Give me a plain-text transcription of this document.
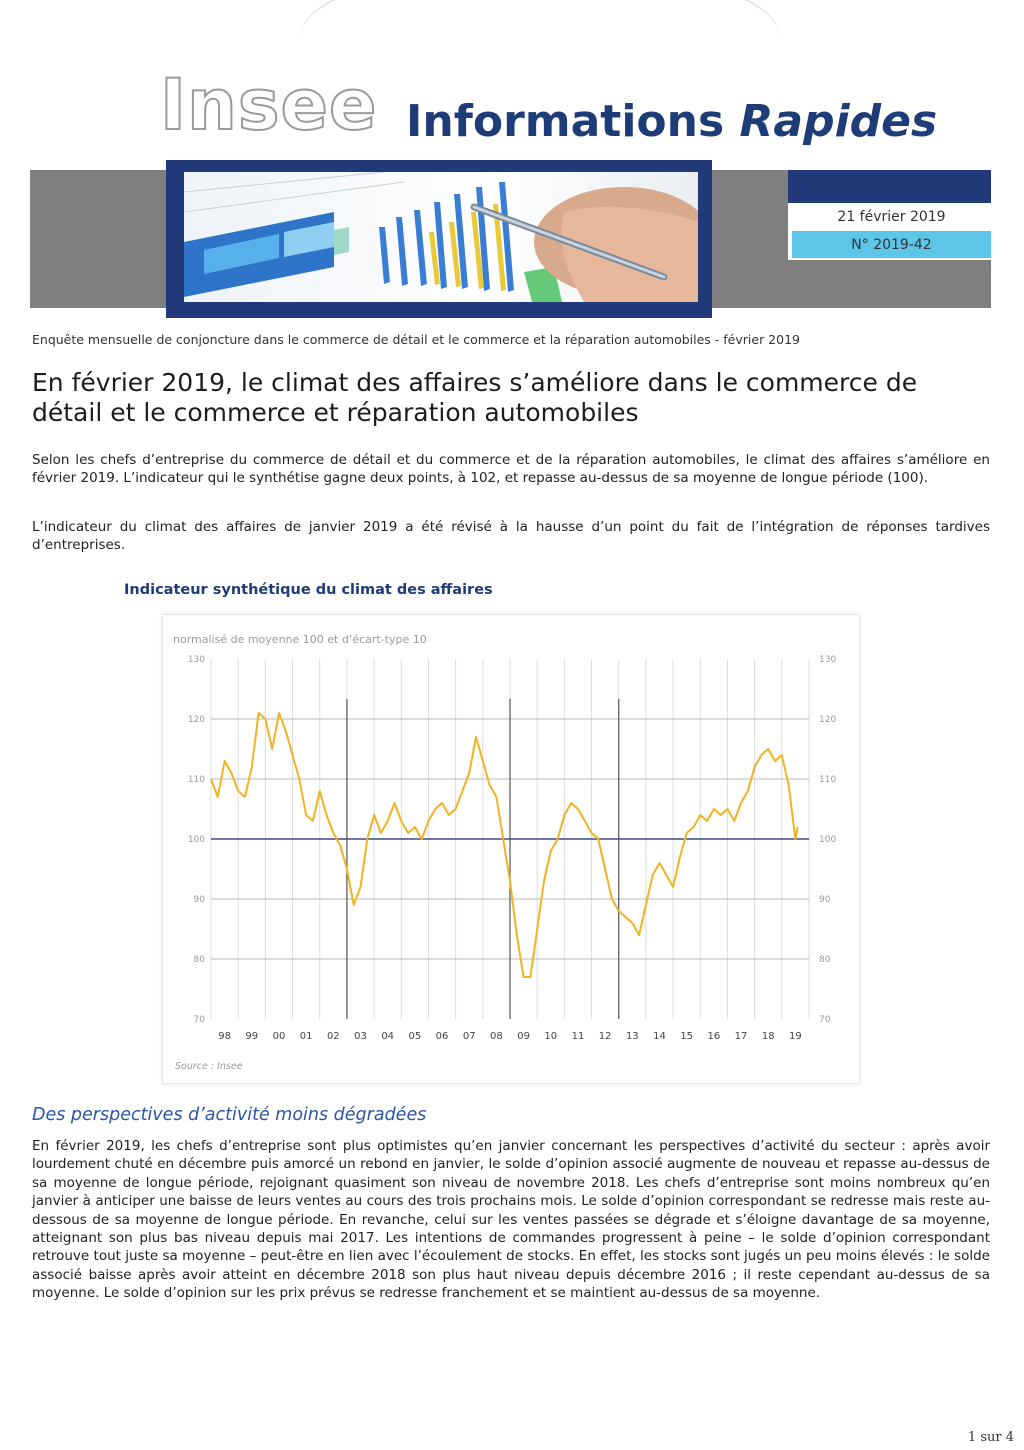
Insee Informations Rapides
21 février 2019
N° 2019-42
Enquête mensuelle de conjoncture dans le commerce de détail et le commerce et la réparation automobiles - février 2019
En février 2019, le climat des affaires s’améliore dans le commerce de détail et le commerce et réparation automobiles
Selon les chefs d’entreprise du commerce de détail et du commerce et de la réparation automobiles, le climat des affaires s’améliore en février 2019. L’indicateur qui le synthétise gagne deux points, à 102, et repasse au-dessus de sa moyenne de longue période (100).
L’indicateur du climat des affaires de janvier 2019 a été révisé à la hausse d’un point du fait de l’intégration de réponses tardives d’entreprises.
Indicateur synthétique du climat des affaires
70	70
80	80
90	90
110	110
120	120
130	130
100	100
98 99 00 01 02 03 04 05 06 07 08 09 10 11 12 13 14 15 16 17 18 19
normalisé de moyenne 100 et d’écart-type 10
Source : Insee
Des perspectives d’activité moins dégradées
En février 2019, les chefs d’entreprise sont plus optimistes qu’en janvier concernant les perspectives d’activité du secteur : après avoir lourdement chuté en décembre puis amorcé un rebond en janvier, le solde d’opinion associé augmente de nouveau et repasse au-dessus de sa moyenne de longue période, rejoignant quasiment son niveau de novembre 2018. Les chefs d’entreprise sont moins nombreux qu’en janvier à anticiper une baisse de leurs ventes au cours des trois prochains mois. Le solde d’opinion correspondant se redresse mais reste au-dessous de sa moyenne de longue période. En revanche, celui sur les ventes passées se dégrade et s’éloigne davantage de sa moyenne, atteignant son plus bas niveau depuis mai 2017. Les intentions de commandes progressent à peine – le solde d’opinion correspondant retrouve tout juste sa moyenne – peut-être en lien avec l’écoulement de stocks. En effet, les stocks sont jugés un peu moins élevés : le solde associé baisse après avoir atteint en décembre 2018 son plus haut niveau depuis décembre 2016 ; il reste cependant au-dessus de sa moyenne. Le solde d’opinion sur les prix prévus se redresse franchement et se maintient au-dessus de sa moyenne.
1 sur 4
